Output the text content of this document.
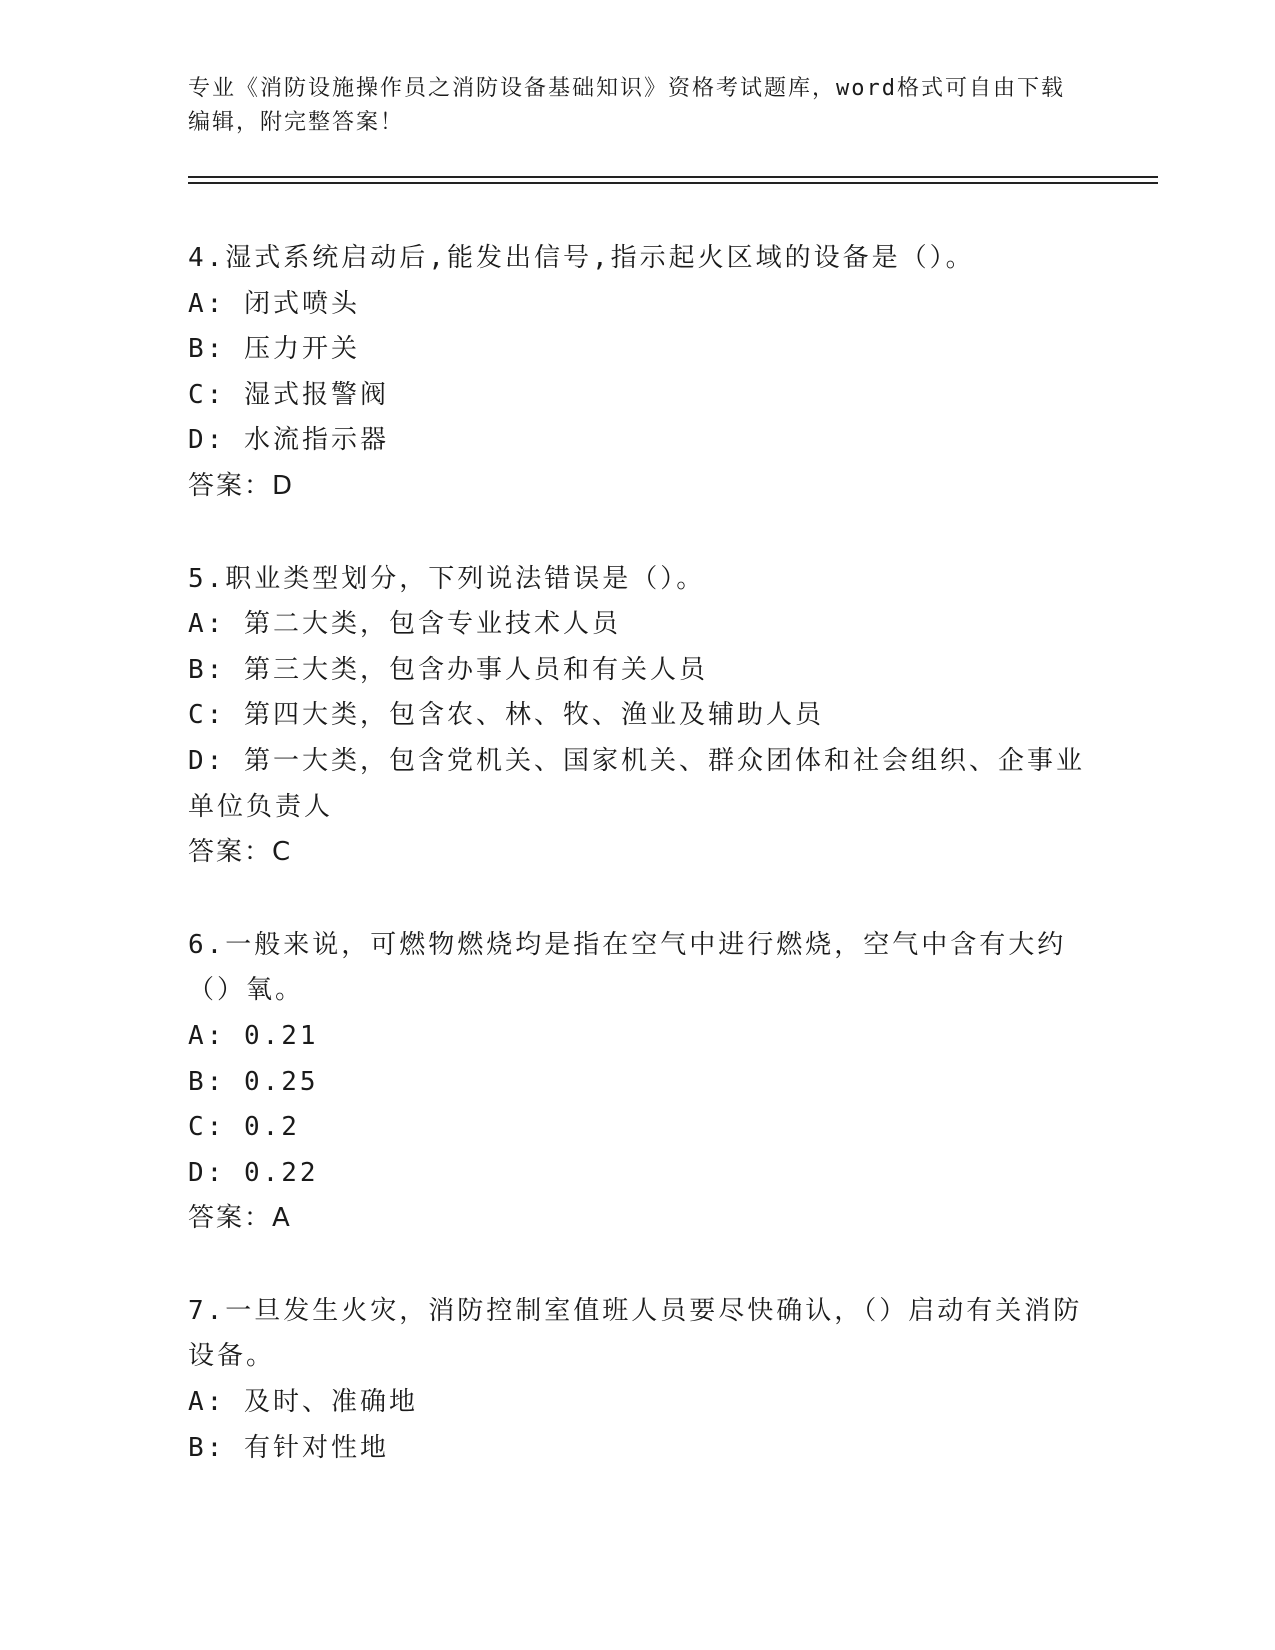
专业《消防设施操作员之消防设备基础知识》资格考试题库，word格式可自由下载编辑，附完整答案！
4.湿式系统启动后,能发出信号,指示起火区域的设备是（）。
A: 闭式喷头
B: 压力开关
C: 湿式报警阀
D: 水流指示器
答案：D
5.职业类型划分，下列说法错误是（）。
A: 第二大类，包含专业技术人员
B: 第三大类，包含办事人员和有关人员
C: 第四大类，包含农、林、牧、渔业及辅助人员
D: 第一大类，包含党机关、国家机关、群众团体和社会组织、企事业单位负责人
答案：C
6.一般来说，可燃物燃烧均是指在空气中进行燃烧，空气中含有大约（）氧。
A: 0.21
B: 0.25
C: 0.2
D: 0.22
答案：A
7.一旦发生火灾，消防控制室值班人员要尽快确认，（）启动有关消防设备。
A: 及时、准确地
B: 有针对性地
